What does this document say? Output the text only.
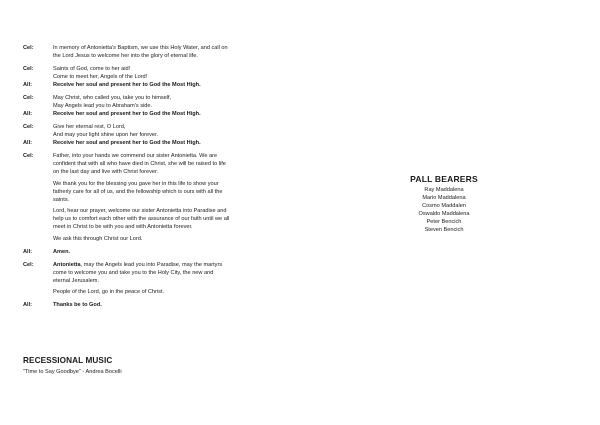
Cel:	In memory of Antonietta's Baptism, we use this Holy Water, and call on
the Lord Jesus to welcome her into the glory of eternal life.
Cel:	Saints of God, come to her aid!
Come to meet her, Angels of the Lord!
All:	Receive her soul and present her to God the Most High.
Cel:	May Christ, who called you, take you to himself,
May Angels lead you to Abraham's side.
All:	Receive her soul and present her to God the Most High.
Cel:	Give her eternal rest, O Lord,
And may your light shine upon her forever.
All:	Receive her soul and present her to God the Most High.
Cel:	Father, into your hands we commend our sister Antonietta. We are
confident that with all who have died in Christ, she will be raised to life
on the last day and live with Christ forever.
We thank you for the blessing you gave her in this life to show your
fatherly care for all of us, and the fellowship which is ours with all the
saints.
Lord, hear our prayer, welcome our sister Antonietta into Paradise and
help us to comfort each other with the assurance of our faith until we all
meet in Christ to be with you and with Antonietta forever.
We ask this through Christ our Lord.
All:	Amen.
Cel:	Antonietta, may the Angels lead you into Paradise, may the martyrs
come to welcome you and take you to the Holy City, the new and
eternal Jerusalem.
People of the Lord, go in the peace of Christ.
All:	Thanks be to God.
RECESSIONAL MUSIC
"Time to Say Goodbye" - Andrea Bocelli
PALL BEARERS
Ray Maddalena
Mario Maddalena
Cosmo Maddalen
Oswaldo Maddalena
Peter Bencich
Steven Bencich
